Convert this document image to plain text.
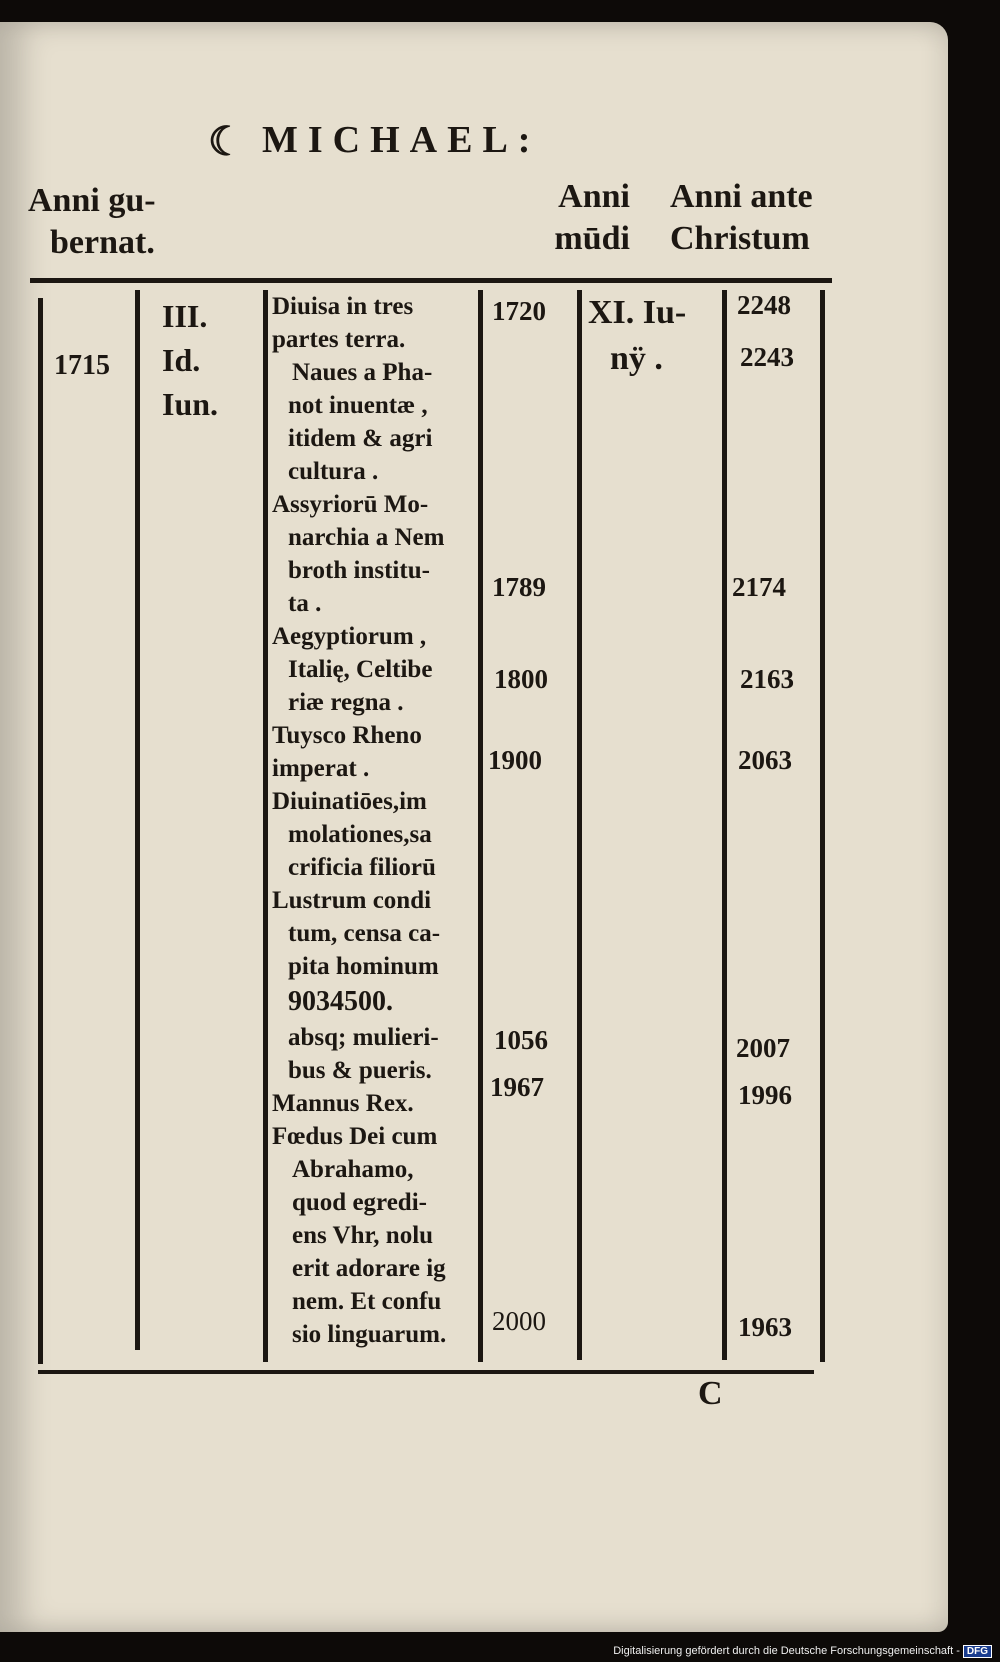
☾ MICHAEL:
Anni gu-
bernat.
Anni
mūdi
Anni ante
Christum
1715
III.
Id.
Iun.
Diuisa in tres
partes terra.
Naues a Pha-
not inuentæ ,
itidem & agri
cultura .
Assyriorū Mo-
narchia a Nem
broth institu-
ta .
Aegyptiorum ,
Italię, Celtibe
riæ regna .
Tuysco Rheno
imperat .
Diuinatiōes,im
molationes,sa
crificia filiorū
Lustrum condi
tum, censa ca-
pita hominum
9034500.
absq; mulieri-
bus & pueris.
Mannus Rex.
Fœdus Dei cum
Abrahamo,
quod egredi-
ens Vhr, nolu
erit adorare ig
nem. Et confu
sio linguarum.
1720
1789
1800
1900
1056
1967
2000
XI. Iu-
nÿ .
2248
2243
2174
2163
2063
2007
1996
1963
C
Digitalisierung gefördert durch die Deutsche Forschungsgemeinschaft - DFG
